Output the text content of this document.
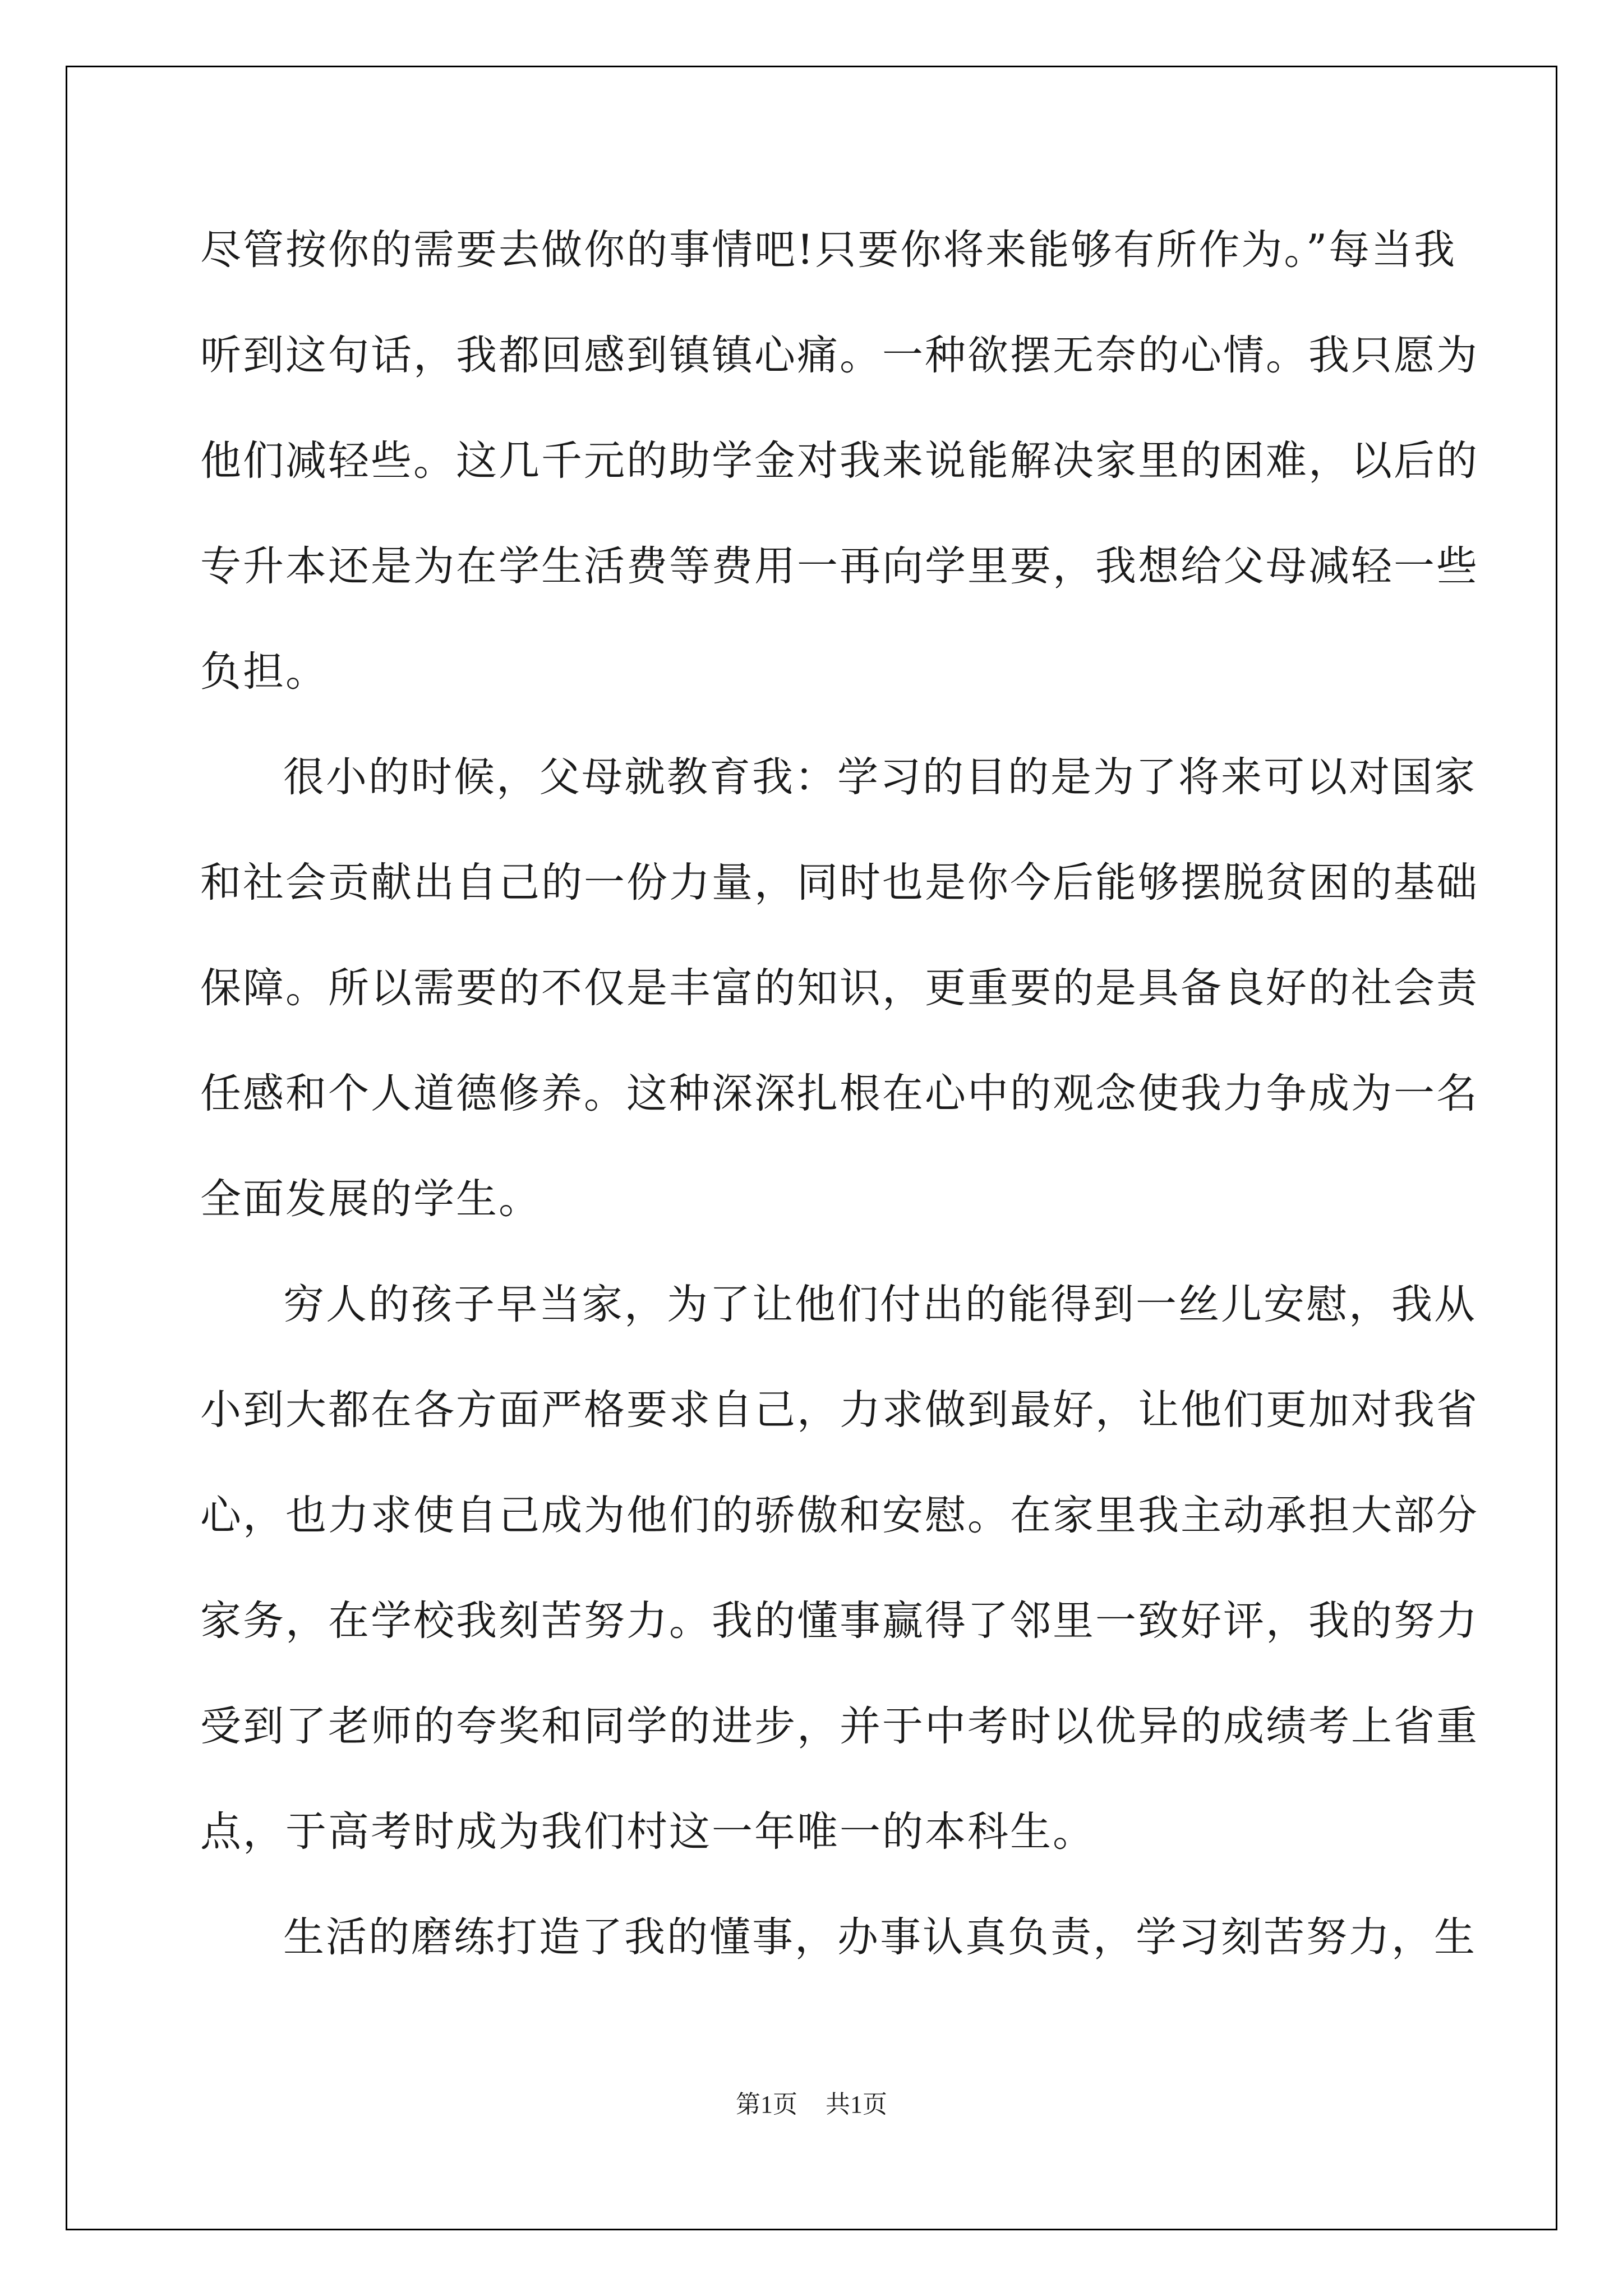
尽管按你的需要去做你的事情吧!只要你将来能够有所作为。”每当我
听到这句话，我都回感到镇镇心痛。一种欲摆无奈的心情。我只愿为
他们减轻些。这几千元的助学金对我来说能解决家里的困难，以后的
专升本还是为在学生活费等费用一再向学里要，我想给父母减轻一些
负担。
很小的时候，父母就教育我：学习的目的是为了将来可以对国家
和社会贡献出自己的一份力量，同时也是你今后能够摆脱贫困的基础
保障。所以需要的不仅是丰富的知识，更重要的是具备良好的社会责
任感和个人道德修养。这种深深扎根在心中的观念使我力争成为一名
全面发展的学生。
穷人的孩子早当家，为了让他们付出的能得到一丝儿安慰，我从
小到大都在各方面严格要求自己，力求做到最好，让他们更加对我省
心，也力求使自己成为他们的骄傲和安慰。在家里我主动承担大部分
家务，在学校我刻苦努力。我的懂事赢得了邻里一致好评，我的努力
受到了老师的夸奖和同学的进步，并于中考时以优异的成绩考上省重
点，于高考时成为我们村这一年唯一的本科生。
生活的磨练打造了我的懂事，办事认真负责，学习刻苦努力，生
第1页 共1页
